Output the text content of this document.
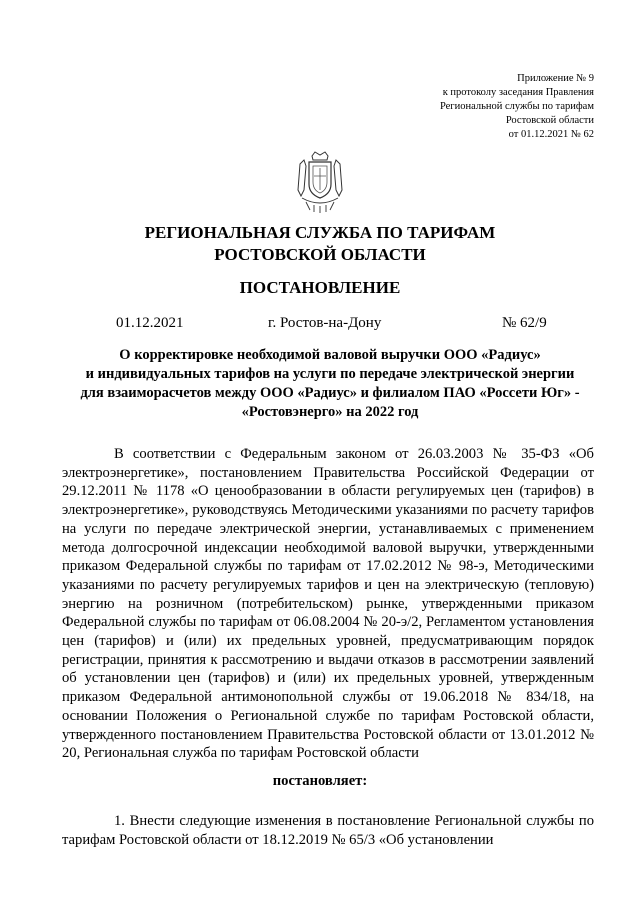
Приложение № 9
к протоколу заседания Правления
Региональной службы по тарифам
Ростовской области
от 01.12.2021 № 62
РЕГИОНАЛЬНАЯ СЛУЖБА ПО ТАРИФАМ
РОСТОВСКОЙ ОБЛАСТИ
ПОСТАНОВЛЕНИЕ
01.12.2021	г. Ростов-на-Дону	№ 62/9
О корректировке необходимой валовой выручки ООО «Радиус»
и индивидуальных тарифов на услуги по передаче электрической энергии
для взаиморасчетов между ООО «Радиус» и филиалом ПАО «Россети Юг» -
«Ростовэнерго» на 2022 год

В соответствии с Федеральным законом от 26.03.2003 № 35-ФЗ «Об электроэнергетике», постановлением Правительства Российской Федерации от 29.12.2011 № 1178 «О ценообразовании в области регулируемых цен (тарифов) в электроэнергетике», руководствуясь Методическими указаниями по расчету тарифов на услуги по передаче электрической энергии, устанавливаемых с применением метода долгосрочной индексации необходимой валовой выручки, утвержденными приказом Федеральной службы по тарифам от 17.02.2012 № 98-э, Методическими указаниями по расчету регулируемых тарифов и цен на электрическую (тепловую) энергию на розничном (потребительском) рынке, утвержденными приказом Федеральной службы по тарифам от 06.08.2004 № 20-э/2, Регламентом установления цен (тарифов) и (или) их предельных уровней, предусматривающим порядок регистрации, принятия к рассмотрению и выдачи отказов в рассмотрении заявлений об установлении цен (тарифов) и (или) их предельных уровней, утвержденным приказом Федеральной антимонопольной службы от 19.06.2018 № 834/18, на основании Положения о Региональной службе по тарифам Ростовской области, утвержденного постановлением Правительства Ростовской области от 13.01.2012 № 20, Региональная служба по тарифам Ростовской области

постановляет:

1. Внести следующие изменения в постановление Региональной службы по тарифам Ростовской области от 18.12.2019 № 65/3 «Об установлении
